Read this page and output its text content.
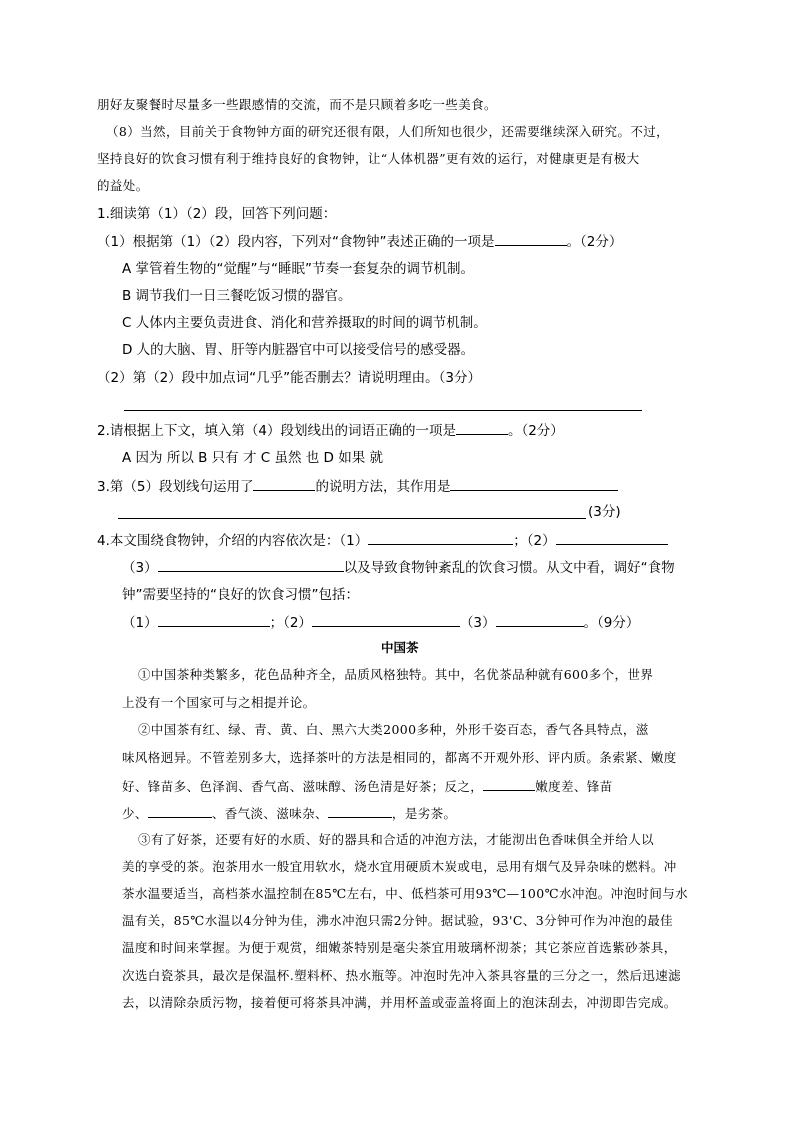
朋好友聚餐时尽量多一些跟感情的交流，而不是只顾着多吃一些美食。
（8）当然，目前关于食物钟方面的研究还很有限，人们所知也很少，还需要继续深入研究。不过，
坚持良好的饮食习惯有利于维持良好的食物钟，让“人体机器”更有效的运行，对健康更是有极大
的益处。
1.细读第（1）（2）段，回答下列问题：
（1）根据第（1）（2）段内容，下列对“食物钟”表述正确的一项是	。（2分）
A 掌管着生物的“觉醒”与“睡眠”节奏一套复杂的调节机制。
B 调节我们一日三餐吃饭习惯的器官。
C 人体内主要负责进食、消化和营养摄取的时间的调节机制。
D 人的大脑、胃、肝等内脏器官中可以接受信号的感受器。
（2）第（2）段中加点词“几乎”能否删去？请说明理由。（3分）
2.请根据上下文，填入第（4）段划线出的词语正确的一项是	。（2分）
A 因为 所以 B 只有 才 C 虽然 也 D 如果 就
3.第（5）段划线句运用了	的说明方法，其作用是
(3分)
4.本文围绕食物钟，介绍的内容依次是：（1）	；（2）
（3）	以及导致食物钟紊乱的饮食习惯。从文中看，调好“食物
钟”需要坚持的“良好的饮食习惯”包括：
（1）	；（2）	（3）	。（9分）
中国茶
①中国茶种类繁多，花色品种齐全，品质风格独特。其中，名优茶品种就有600多个，世界
上没有一个国家可与之相提并论。
②中国茶有红、绿、青、黄、白、黑六大类2000多种，外形千姿百态，香气各具特点，滋
味风格迥异。不管差别多大，选择茶叶的方法是相同的，都离不开观外形、评内质。条索紧、嫩度
好、锋苗多、色泽润、香气高、滋味醇、汤色清是好茶；反之，	嫩度差、锋苗
少、	、香气淡、滋味杂、	，是劣茶。
③有了好茶，还要有好的水质、好的器具和合适的冲泡方法，才能沏出色香味俱全并给人以
美的享受的茶。泡茶用水一般宜用软水，烧水宜用硬质木炭或电，忌用有烟气及异杂味的燃料。冲
茶水温要适当，高档茶水温控制在85℃左右，中、低档茶可用93℃—100℃水冲泡。冲泡时间与水
温有关，85℃水温以4分钟为佳，沸水冲泡只需2分钟。据试验，93'C、3分钟可作为冲泡的最佳
温度和时间来掌握。为便于观赏，细嫩茶特别是毫尖茶宜用玻璃杯沏茶；其它茶应首选紫砂茶具，
次选白瓷茶具，最次是保温杯.塑料杯、热水瓶等。冲泡时先冲入茶具容量的三分之一，然后迅速滤
去，以清除杂质污物，接着便可将茶具冲满，并用杯盖或壶盖将面上的泡沫刮去，冲沏即告完成。
